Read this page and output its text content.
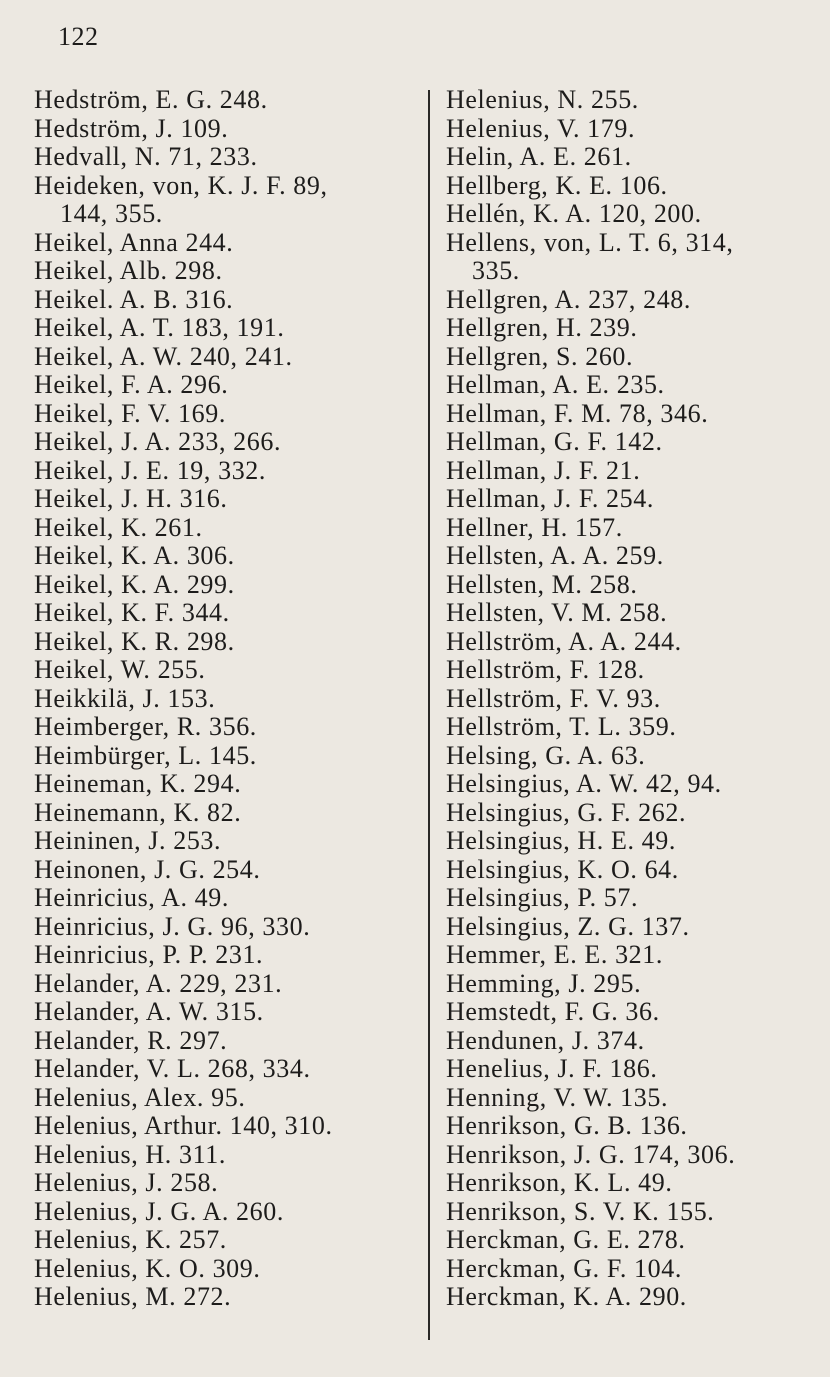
122
Hedström, E. G. 248.
Hedström, J. 109.
Hedvall, N. 71, 233.
Heideken, von, K. J. F. 89,
144, 355.
Heikel, Anna 244.
Heikel, Alb. 298.
Heikel. A. B. 316.
Heikel, A. T. 183, 191.
Heikel, A. W. 240, 241.
Heikel, F. A. 296.
Heikel, F. V. 169.
Heikel, J. A. 233, 266.
Heikel, J. E. 19, 332.
Heikel, J. H. 316.
Heikel, K. 261.
Heikel, K. A. 306.
Heikel, K. A. 299.
Heikel, K. F. 344.
Heikel, K. R. 298.
Heikel, W. 255.
Heikkilä, J. 153.
Heimberger, R. 356.
Heimbürger, L. 145.
Heineman, K. 294.
Heinemann, K. 82.
Heininen, J. 253.
Heinonen, J. G. 254.
Heinricius, A. 49.
Heinricius, J. G. 96, 330.
Heinricius, P. P. 231.
Helander, A. 229, 231.
Helander, A. W. 315.
Helander, R. 297.
Helander, V. L. 268, 334.
Helenius, Alex. 95.
Helenius, Arthur. 140, 310.
Helenius, H. 311.
Helenius, J. 258.
Helenius, J. G. A. 260.
Helenius, K. 257.
Helenius, K. O. 309.
Helenius, M. 272.
Helenius, N. 255.
Helenius, V. 179.
Helin, A. E. 261.
Hellberg, K. E. 106.
Hellén, K. A. 120, 200.
Hellens, von, L. T. 6, 314,
335.
Hellgren, A. 237, 248.
Hellgren, H. 239.
Hellgren, S. 260.
Hellman, A. E. 235.
Hellman, F. M. 78, 346.
Hellman, G. F. 142.
Hellman, J. F. 21.
Hellman, J. F. 254.
Hellner, H. 157.
Hellsten, A. A. 259.
Hellsten, M. 258.
Hellsten, V. M. 258.
Hellström, A. A. 244.
Hellström, F. 128.
Hellström, F. V. 93.
Hellström, T. L. 359.
Helsing, G. A. 63.
Helsingius, A. W. 42, 94.
Helsingius, G. F. 262.
Helsingius, H. E. 49.
Helsingius, K. O. 64.
Helsingius, P. 57.
Helsingius, Z. G. 137.
Hemmer, E. E. 321.
Hemming, J. 295.
Hemstedt, F. G. 36.
Hendunen, J. 374.
Henelius, J. F. 186.
Henning, V. W. 135.
Henrikson, G. B. 136.
Henrikson, J. G. 174, 306.
Henrikson, K. L. 49.
Henrikson, S. V. K. 155.
Herckman, G. E. 278.
Herckman, G. F. 104.
Herckman, K. A. 290.
